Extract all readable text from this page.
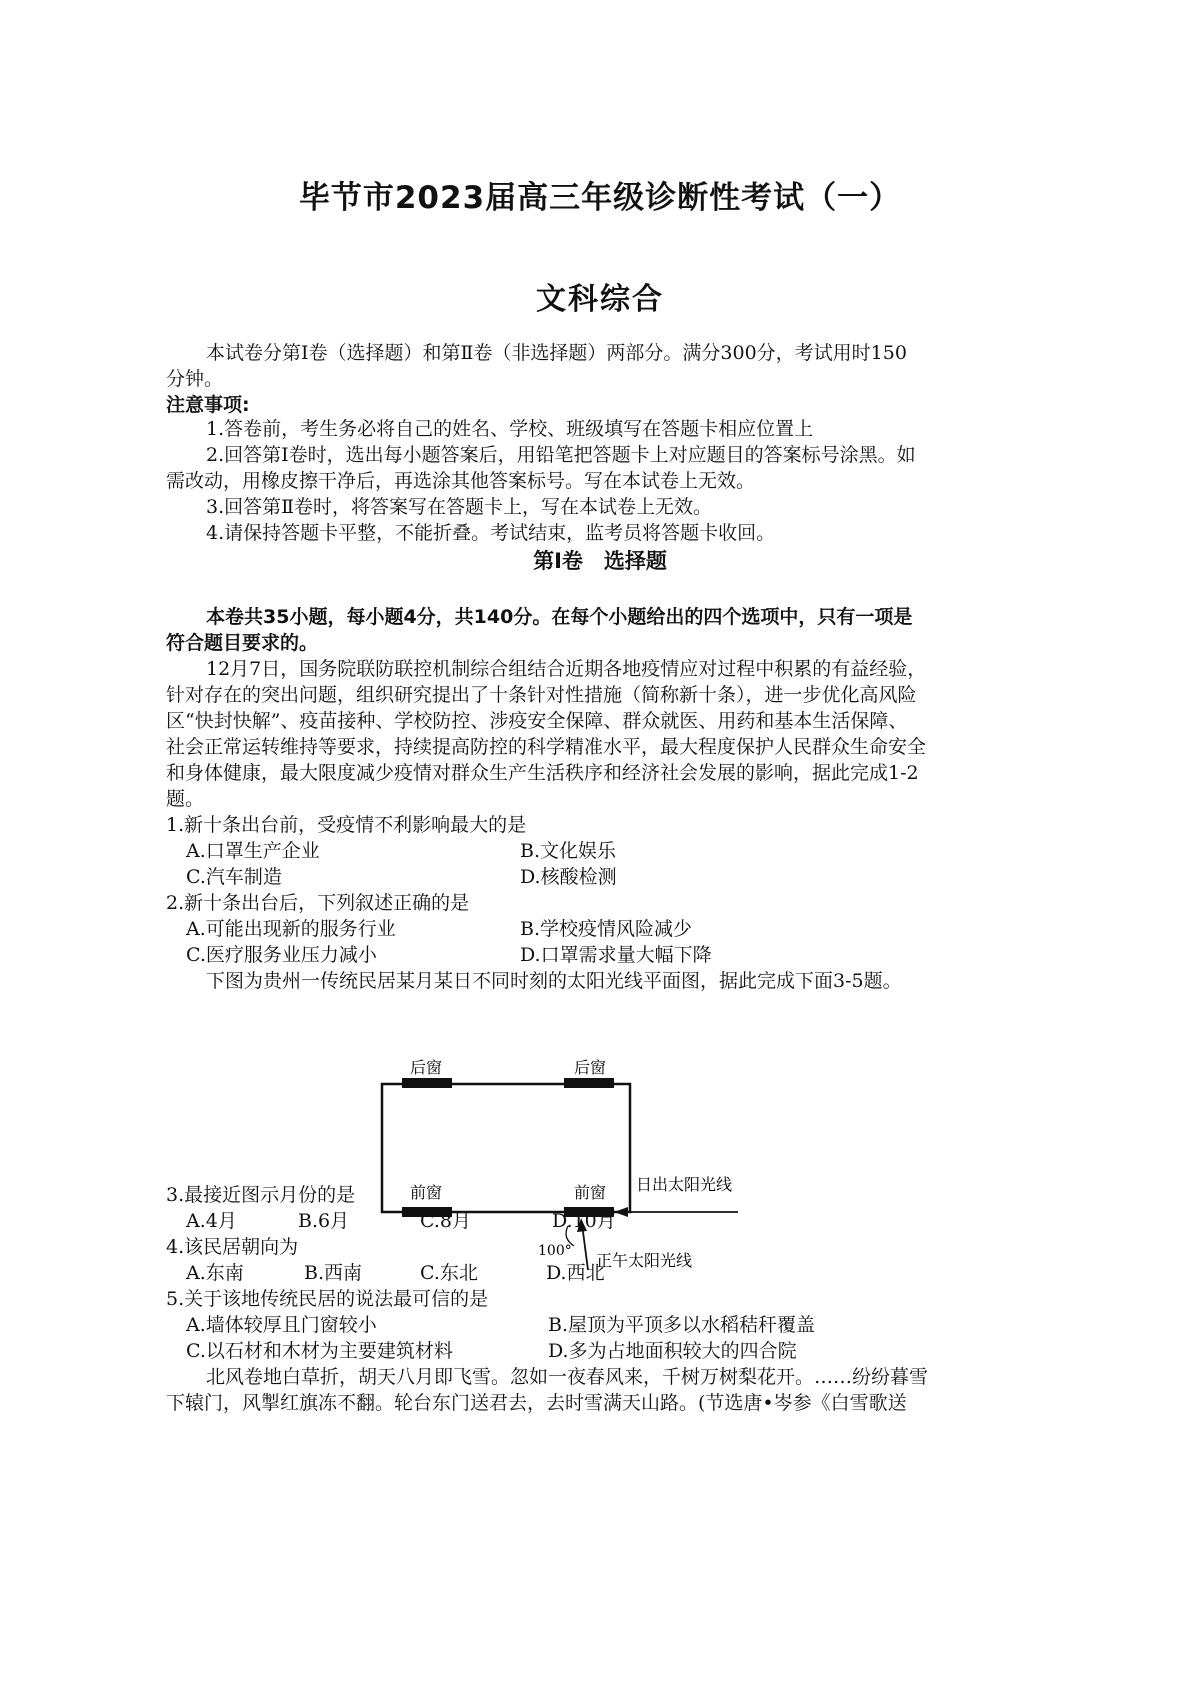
毕节市2023届高三年级诊断性考试（一）
文科综合
本试卷分第Ⅰ卷（选择题）和第Ⅱ卷（非选择题）两部分。满分300分，考试用时150
分钟。
注意事项:
1.答卷前，考生务必将自己的姓名、学校、班级填写在答题卡相应位置上
2.回答第Ⅰ卷时，选出每小题答案后，用铅笔把答题卡上对应题目的答案标号涂黑。如
需改动，用橡皮擦干净后，再选涂其他答案标号。写在本试卷上无效。
3.回答第Ⅱ卷时，将答案写在答题卡上，写在本试卷上无效。
4.请保持答题卡平整，不能折叠。考试结束，监考员将答题卡收回。
第Ⅰ卷　选择题
本卷共35小题，每小题4分，共140分。在每个小题给出的四个选项中，只有一项是
符合题目要求的。
12月7日，国务院联防联控机制综合组结合近期各地疫情应对过程中积累的有益经验，
针对存在的突出问题，组织研究提出了十条针对性措施（简称新十条），进一步优化高风险
区“快封快解”、疫苗接种、学校防控、涉疫安全保障、群众就医、用药和基本生活保障、
社会正常运转维持等要求，持续提高防控的科学精准水平，最大程度保护人民群众生命安全
和身体健康，最大限度减少疫情对群众生产生活秩序和经济社会发展的影响，据此完成1-2
题。
1.新十条出台前，受疫情不利影响最大的是
A.口罩生产企业	B.文化娱乐
C.汽车制造	D.核酸检测
2.新十条出台后，下列叙述正确的是
A.可能出现新的服务行业	B.学校疫情风险减少
C.医疗服务业压力减小	D.口罩需求量大幅下降
下图为贵州一传统民居某月某日不同时刻的太阳光线平面图，据此完成下面3-5题。
后窗	后窗
前窗	前窗 日出太阳光线
正午太阳光线
100°
3.最接近图示月份的是
A.4月	B.6月	C.8月	D.10月
4.该民居朝向为
A.东南	B.西南	C.东北	D.西北
5.关于该地传统民居的说法最可信的是
A.墙体较厚且门窗较小	B.屋顶为平顶多以水稻秸秆覆盖
C.以石材和木材为主要建筑材料	D.多为占地面积较大的四合院
北风卷地白草折，胡天八月即飞雪。忽如一夜春风来，千树万树梨花开。……纷纷暮雪
下辕门，风掣红旗冻不翻。轮台东门送君去，去时雪满天山路。(节选唐•岑参《白雪歌送
